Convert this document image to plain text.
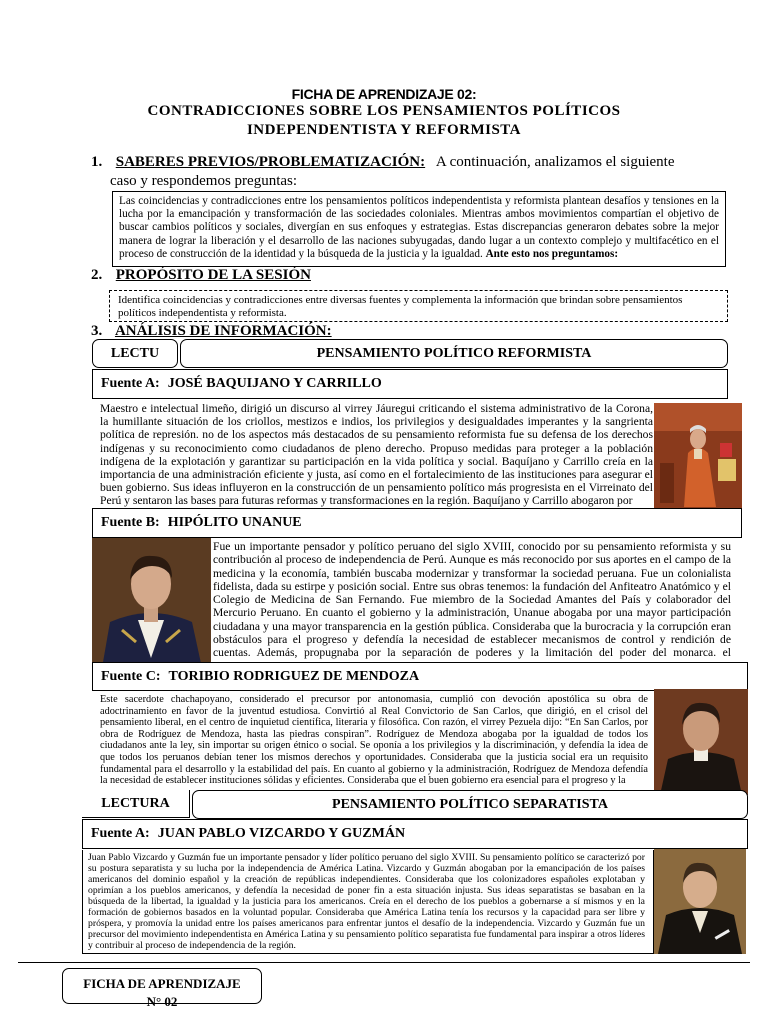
FICHA DE APRENDIZAJE 02:
CONTRADICCIONES SOBRE LOS PENSAMIENTOS POLÍTICOS
INDEPENDENTISTA Y REFORMISTA
1. SABERES PREVIOS/PROBLEMATIZACIÓN: A continuación, analizamos el siguiente
caso y respondemos preguntas:
Las coincidencias y contradicciones entre los pensamientos políticos independentista y reformista plantean desafíos y tensiones en la lucha por la emancipación y transformación de las sociedades coloniales. Mientras ambos movimientos compartían el objetivo de buscar cambios políticos y sociales, divergían en sus enfoques y estrategias. Estas discrepancias generaron debates sobre la mejor manera de lograr la liberación y el desarrollo de las naciones subyugadas, dando lugar a un contexto complejo y multifacético en el proceso de construcción de la identidad y la búsqueda de la justicia y la igualdad. Ante esto nos preguntamos:
2. PROPÓSITO DE LA SESIÓN
Identifica coincidencias y contradicciones entre diversas fuentes y complementa la información que brindan sobre pensamientos políticos independentista y reformista.
3. ANÁLISIS DE INFORMACIÓN:
LECTU	PENSAMIENTO POLÍTICO REFORMISTA
Fuente A: JOSÉ BAQUIJANO Y CARRILLO
Maestro e intelectual limeño, dirigió un discurso al virrey Jáuregui criticando el sistema administrativo de la Corona, la humillante situación de los criollos, mestizos e indios, los privilegios y desigualdades imperantes y la sangrienta política de represión. no de los aspectos más destacados de su pensamiento reformista fue su defensa de los derechos indígenas y su reconocimiento como ciudadanos de pleno derecho. Propuso medidas para proteger a la población indígena de la explotación y garantizar su participación en la vida política y social. Baquíjano y Carrillo creía en la importancia de una administración eficiente y justa, así como en el fortalecimiento de las instituciones para asegurar el buen gobierno. Sus ideas influyeron en la construcción de un pensamiento político más progresista en el Virreinato del Perú y sentaron las bases para futuras reformas y transformaciones en la región. Baquíjano y Carrillo abogaron por
Fuente B: HIPÓLITO UNANUE
Fue un importante pensador y político peruano del siglo XVIII, conocido por su pensamiento reformista y su contribución al proceso de independencia de Perú. Aunque es más reconocido por sus aportes en el campo de la medicina y la economía, también buscaba modernizar y transformar la sociedad peruana. Fue un colonialista fidelista, dada su estirpe y posición social. Entre sus obras tenemos: la fundación del Anfiteatro Anatómico y el Colegio de Medicina de San Fernando. Fue miembro de la Sociedad Amantes del País y colaborador del Mercurio Peruano. En cuanto el gobierno y la administración, Unanue abogaba por una mayor participación ciudadana y una mayor transparencia en la gestión pública. Consideraba que la burocracia y la corrupción eran obstáculos para el progreso y defendía la necesidad de establecer mecanismos de control y rendición de cuentas. Además, propugnaba por la separación de poderes y la limitación del poder del monarca. el
Fuente C: TORIBIO RODRIGUEZ DE MENDOZA
Este sacerdote chachapoyano, considerado el precursor por antonomasia, cumplió con devoción apostólica su obra de adoctrinamiento en favor de la juventud estudiosa. Convirtió al Real Convictorio de San Carlos, que dirigió, en el crisol del pensamiento liberal, en el centro de inquietud científica, literaria y filosófica. Con razón, el virrey Pezuela dijo: “En San Carlos, por obra de Rodríguez de Mendoza, hasta las piedras conspiran”. Rodríguez de Mendoza abogaba por la igualdad de todos los ciudadanos ante la ley, sin importar su origen étnico o social. Se oponía a los privilegios y la discriminación, y defendía la idea de que todos los peruanos debían tener los mismos derechos y oportunidades. Consideraba que la justicia social era un requisito fundamental para el desarrollo y la estabilidad del país. En cuanto al gobierno y la administración, Rodríguez de Mendoza defendía la necesidad de establecer instituciones sólidas y eficientes. Consideraba que el buen gobierno era esencial para el progreso y la
LECTURA	PENSAMIENTO POLÍTICO SEPARATISTA
Fuente A: JUAN PABLO VIZCARDO Y GUZMÁN
Juan Pablo Vizcardo y Guzmán fue un importante pensador y líder político peruano del siglo XVIII. Su pensamiento político se caracterizó por su postura separatista y su lucha por la independencia de América Latina. Vizcardo y Guzmán abogaban por la emancipación de los países americanos del dominio español y la creación de repúblicas independientes. Consideraba que los colonizadores españoles explotaban y oprimían a los pueblos americanos, y defendía la necesidad de poner fin a esta situación injusta. Sus ideas separatistas se basaban en la búsqueda de la libertad, la igualdad y la justicia para los americanos. Creía en el derecho de los pueblos a gobernarse a sí mismos y en la formación de gobiernos basados en la voluntad popular. Consideraba que América Latina tenía los recursos y la capacidad para ser libre y próspera, y promovía la unidad entre los países americanos para enfrentar juntos el desafío de la independencia. Vizcardo y Guzmán fue un precursor del movimiento independentista en América Latina y su pensamiento político separatista fue fundamental para inspirar a otros líderes y contribuir al proceso de independencia de la región.
FICHA DE APRENDIZAJE
N° 02
